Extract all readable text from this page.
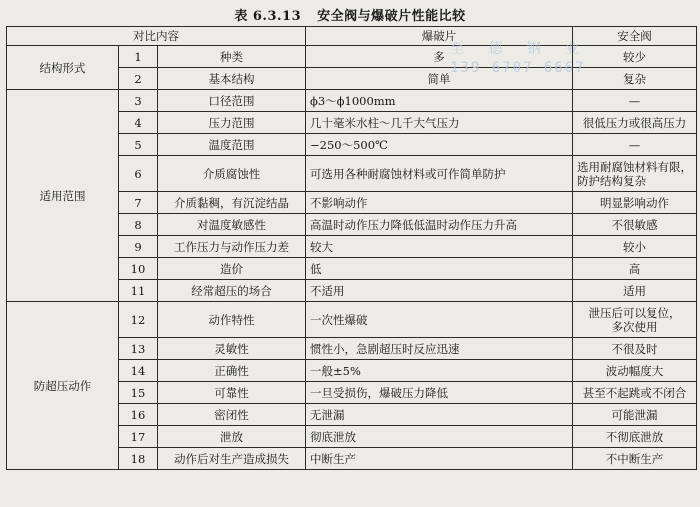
表 6.3.13 安全阀与爆破片性能比较
对比内容			爆破片	安全阀
结构形式	1	种类	多	较少
	2	基本结构	简单	复杂
适用范围	3	口径范围	ϕ3～ϕ1000mm	—
	4	压力范围	几十毫米水柱～几千大气压力	很低压力或很高压力
	5	温度范围	−250～500℃	—
	6	介质腐蚀性	可选用各种耐腐蚀材料或可作简单防护	选用耐腐蚀材料有限，
防护结构复杂

	7	介质黏稠，有沉淀结晶	不影响动作	明显影响动作
	8	对温度敏感性	高温时动作压力降低低温时动作压力升高	不很敏感
	9	工作压力与动作压力差	较大	较小
	10	造价	低	高
	11	经常超压的场合	不适用	适用
防超压动作	12	动作特性	一次性爆破	泄压后可以复位，
多次使用

	13	灵敏性	惯性小，急剧超压时反应迅速	不很及时
	14	正确性	一般±5%	波动幅度大
	15	可靠性	一旦受损伤，爆破压力降低	甚至不起跳或不闭合
	16	密闭性	无泄漏	可能泄漏
	17	泄放	彻底泄放	不彻底泄放
	18	动作后对生产造成损失	中断生产	不中断生产
至 德 钢 业
139 6707 6667
